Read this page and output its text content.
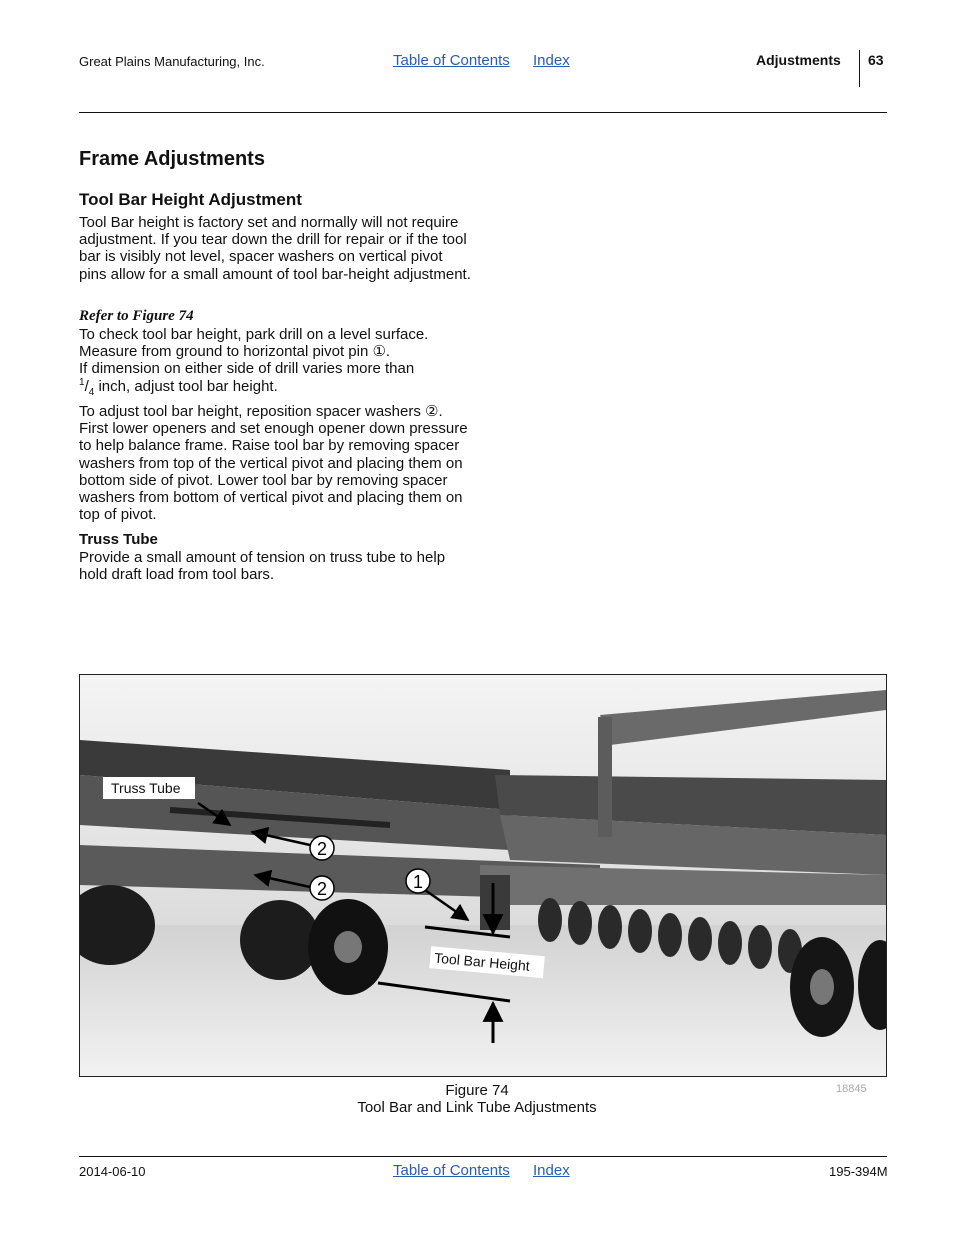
Great Plains Manufacturing, Inc.	Table of Contents Index	Adjustments 63
Frame Adjustments
Tool Bar Height Adjustment

Tool Bar height is factory set and normally will not require adjustment. If you tear down the drill for repair or if the tool bar is visibly not level, spacer washers on vertical pivot pins allow for a small amount of tool bar-height adjustment.

Refer to Figure 74
To check tool bar height, park drill on a level surface.
Measure from ground to horizontal pivot pin ①.
If dimension on either side of drill varies more than
$^1/_4$ inch, adjust tool bar height.

To adjust tool bar height, reposition spacer washers ②. First lower openers and set enough opener down pressure to help balance frame. Raise tool bar by removing spacer washers from top of the vertical pivot and placing them on bottom side of pivot. Lower tool bar by removing spacer washers from bottom of vertical pivot and placing them on top of pivot.

Truss Tube

Provide a small amount of tension on truss tube to help hold draft load from tool bars.

Truss Tube
Tool Bar Height
2
2	1
18845
Figure 74
Tool Bar and Link Tube Adjustments
2014-06-10	Table of Contents Index	195-394M
